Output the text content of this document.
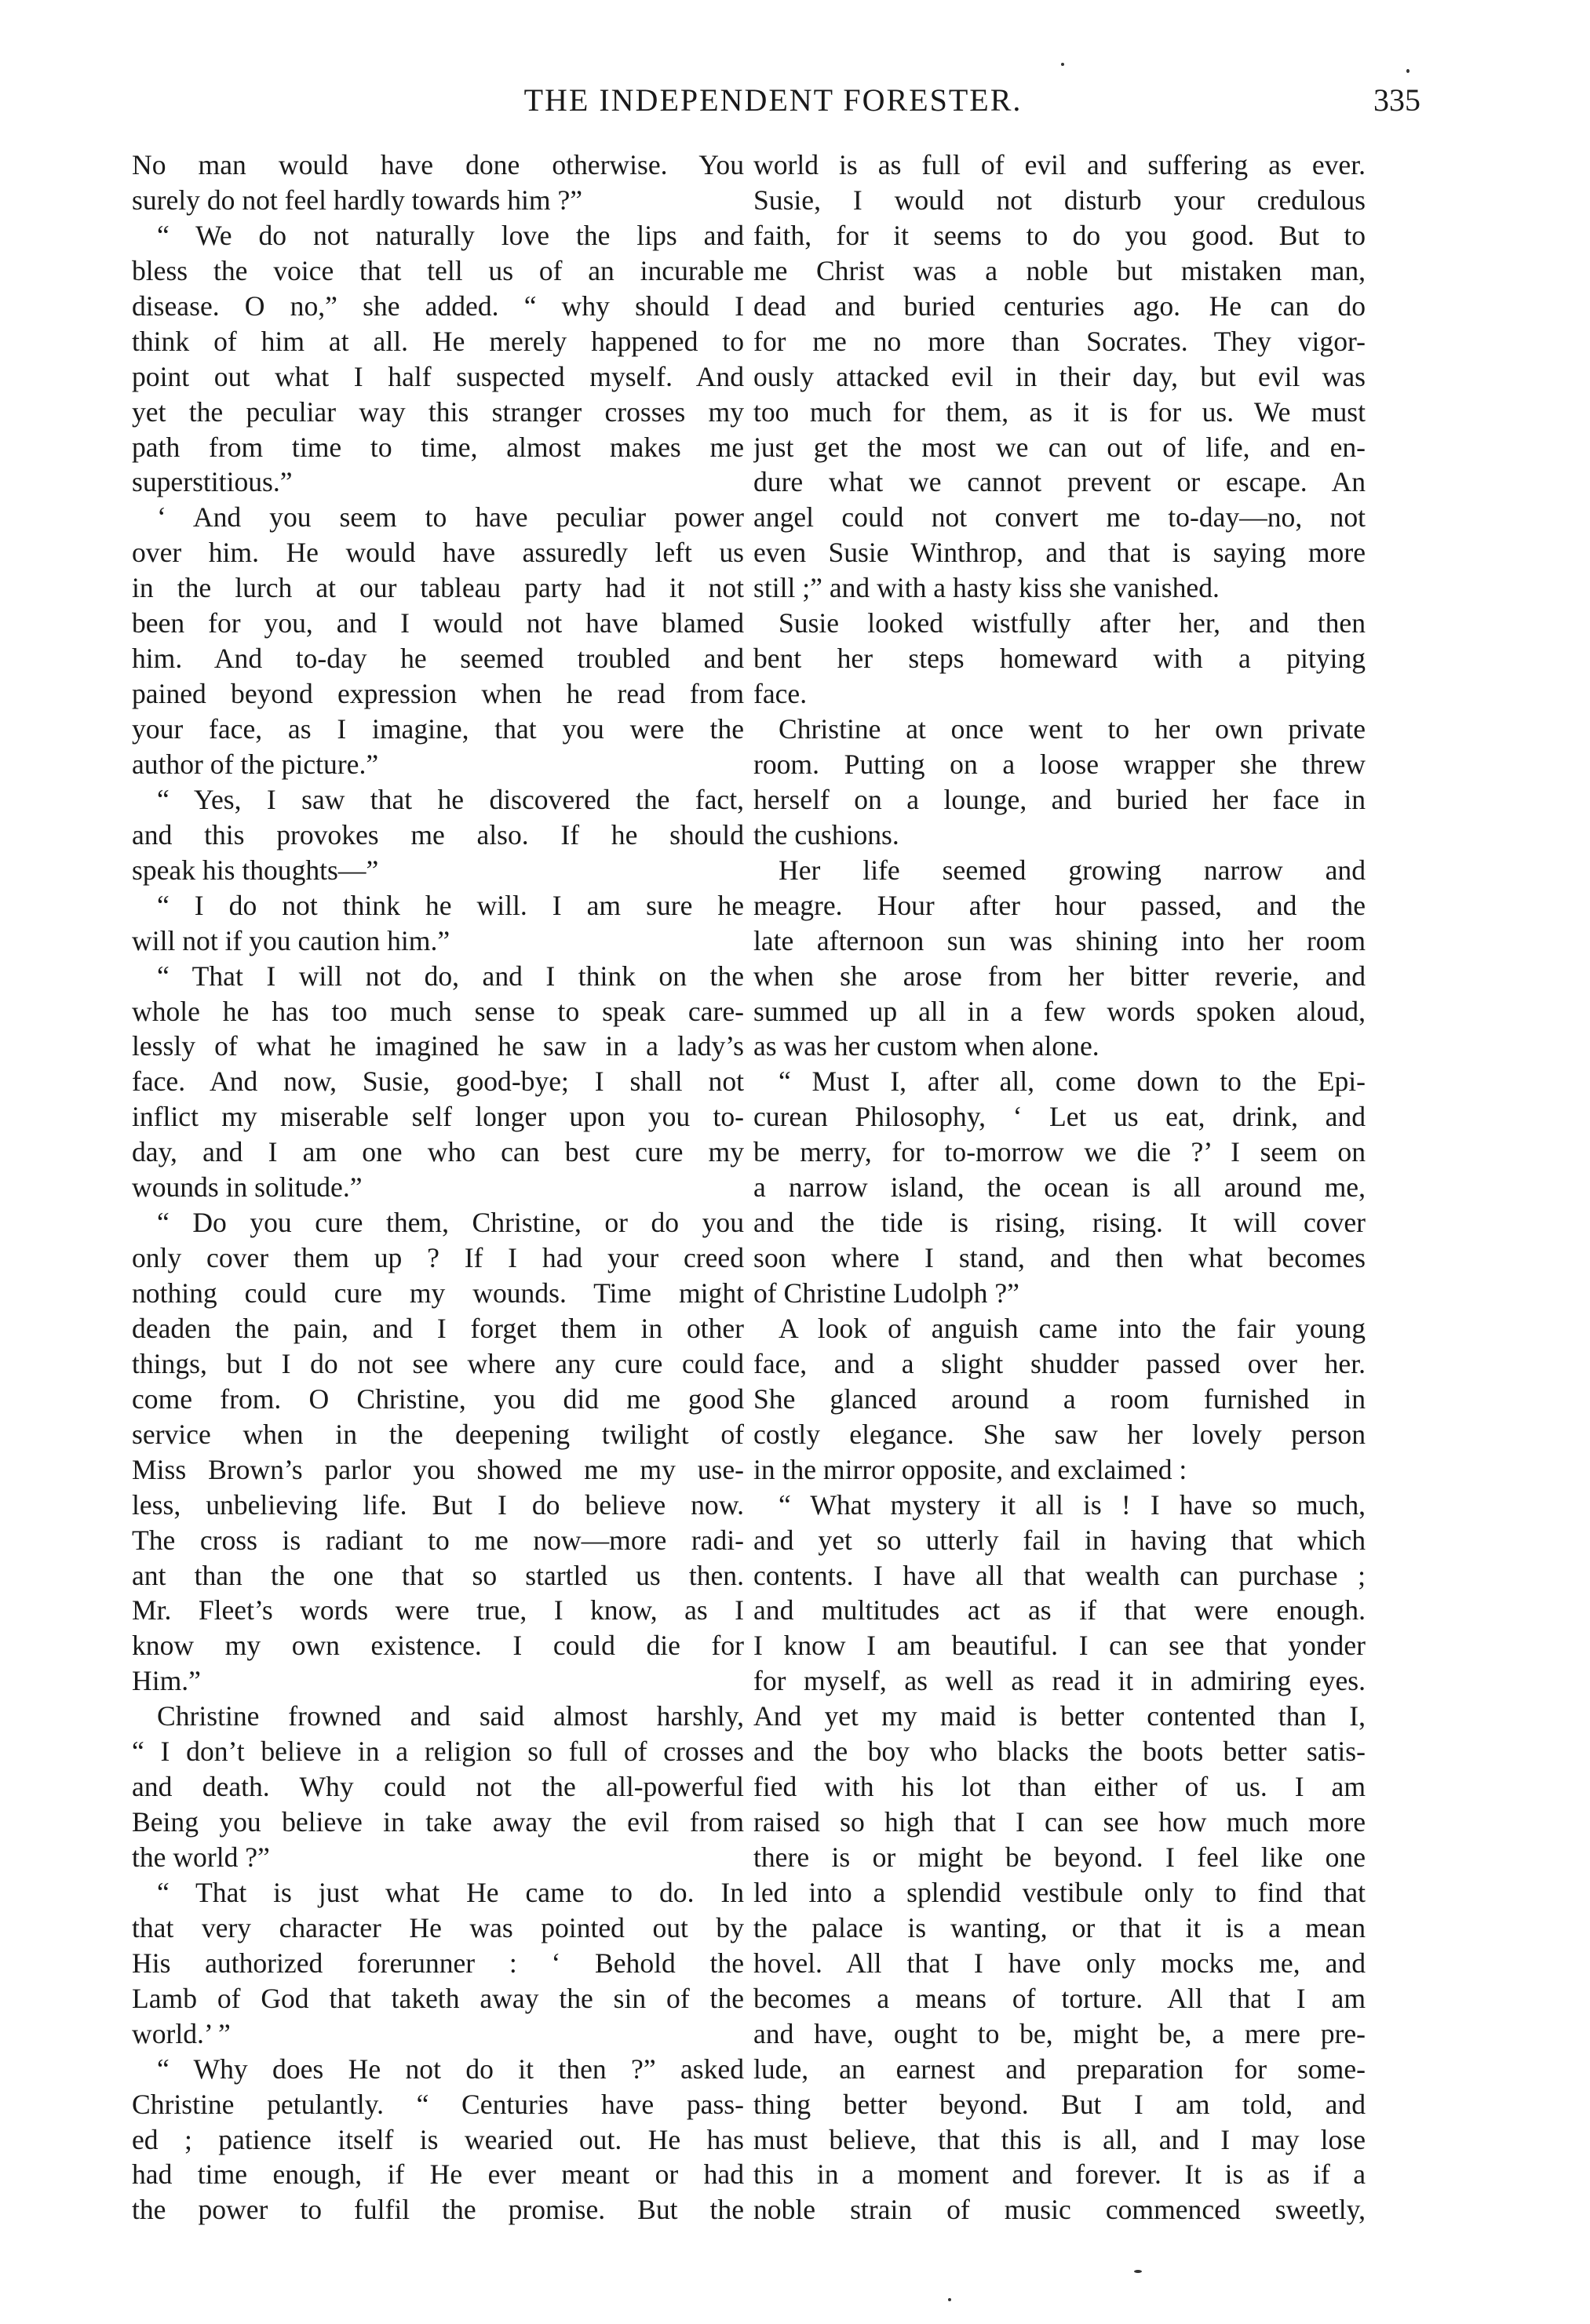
THE INDEPENDENT FORESTER.	335
No man would have done otherwise. You
surely do not feel hardly towards him ?”
“ We do not naturally love the lips and
bless the voice that tell us of an incurable
disease. O no,” she added. “ why should I
think of him at all. He merely happened to
point out what I half suspected myself. And
yet the peculiar way this stranger crosses my
path from time to time, almost makes me
superstitious.”
‘ And you seem to have peculiar power
over him. He would have assuredly left us
in the lurch at our tableau party had it not
been for you, and I would not have blamed
him. And to-day he seemed troubled and
pained beyond expression when he read from
your face, as I imagine, that you were the
author of the picture.”
“ Yes, I saw that he discovered the fact,
and this provokes me also. If he should
speak his thoughts—”
“ I do not think he will. I am sure he
will not if you caution him.”
“ That I will not do, and I think on the
whole he has too much sense to speak care-
lessly of what he imagined he saw in a lady’s
face. And now, Susie, good-bye; I shall not
inflict my miserable self longer upon you to-
day, and I am one who can best cure my
wounds in solitude.”
“ Do you cure them, Christine, or do you
only cover them up ? If I had your creed
nothing could cure my wounds. Time might
deaden the pain, and I forget them in other
things, but I do not see where any cure could
come from. O Christine, you did me good
service when in the deepening twilight of
Miss Brown’s parlor you showed me my use-
less, unbelieving life. But I do believe now.
The cross is radiant to me now—more radi-
ant than the one that so startled us then.
Mr. Fleet’s words were true, I know, as I
know my own existence. I could die for
Him.”
Christine frowned and said almost harshly,
“ I don’t believe in a religion so full of crosses
and death. Why could not the all-powerful
Being you believe in take away the evil from
the world ?”
“ That is just what He came to do. In
that very character He was pointed out by
His authorized forerunner : ‘ Behold the
Lamb of God that taketh away the sin of the
world.’ ”
“ Why does He not do it then ?” asked
Christine petulantly. “ Centuries have pass-
ed ; patience itself is wearied out. He has
had time enough, if He ever meant or had
the power to fulfil the promise. But the
world is as full of evil and suffering as ever.
Susie, I would not disturb your credulous
faith, for it seems to do you good. But to
me Christ was a noble but mistaken man,
dead and buried centuries ago. He can do
for me no more than Socrates. They vigor-
ously attacked evil in their day, but evil was
too much for them, as it is for us. We must
just get the most we can out of life, and en-
dure what we cannot prevent or escape. An
angel could not convert me to-day—no, not
even Susie Winthrop, and that is saying more
still ;” and with a hasty kiss she vanished.
Susie looked wistfully after her, and then
bent her steps homeward with a pitying
face.
Christine at once went to her own private
room. Putting on a loose wrapper she threw
herself on a lounge, and buried her face in
the cushions.
Her life seemed growing narrow and
meagre. Hour after hour passed, and the
late afternoon sun was shining into her room
when she arose from her bitter reverie, and
summed up all in a few words spoken aloud,
as was her custom when alone.
“ Must I, after all, come down to the Epi-
curean Philosophy, ‘ Let us eat, drink, and
be merry, for to-morrow we die ?’ I seem on
a narrow island, the ocean is all around me,
and the tide is rising, rising. It will cover
soon where I stand, and then what becomes
of Christine Ludolph ?”
A look of anguish came into the fair young
face, and a slight shudder passed over her.
She glanced around a room furnished in
costly elegance. She saw her lovely person
in the mirror opposite, and exclaimed :
“ What mystery it all is ! I have so much,
and yet so utterly fail in having that which
contents. I have all that wealth can purchase ;
and multitudes act as if that were enough.
I know I am beautiful. I can see that yonder
for myself, as well as read it in admiring eyes.
And yet my maid is better contented than I,
and the boy who blacks the boots better satis-
fied with his lot than either of us. I am
raised so high that I can see how much more
there is or might be beyond. I feel like one
led into a splendid vestibule only to find that
the palace is wanting, or that it is a mean
hovel. All that I have only mocks me, and
becomes a means of torture. All that I am
and have, ought to be, might be, a mere pre-
lude, an earnest and preparation for some-
thing better beyond. But I am told, and
must believe, that this is all, and I may lose
this in a moment and forever. It is as if a
noble strain of music commenced sweetly,
